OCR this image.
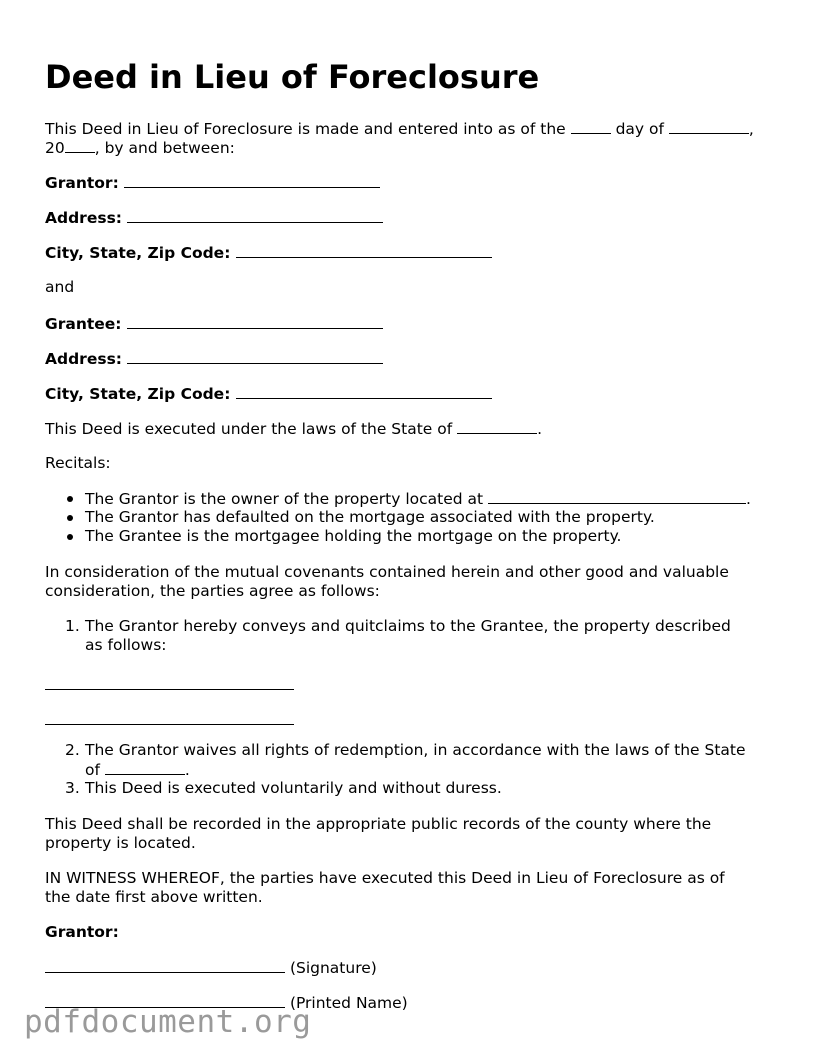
Deed in Lieu of Foreclosure
This Deed in Lieu of Foreclosure is made and entered into as of the	day of	,
20 , by and between:
Grantor:
Address:
City, State, Zip Code:
and
Grantee:
Address:
City, State, Zip Code:
This Deed is executed under the laws of the State of	.
Recitals:
The Grantor is the owner of the property located at	.
The Grantor has defaulted on the mortgage associated with the property.
The Grantee is the mortgagee holding the mortgage on the property.
In consideration of the mutual covenants contained herein and other good and valuable
consideration, the parties agree as follows:
1. The Grantor hereby conveys and quitclaims to the Grantee, the property described
as follows:
2. The Grantor waives all rights of redemption, in accordance with the laws of the State
of	.
3. This Deed is executed voluntarily and without duress.
This Deed shall be recorded in the appropriate public records of the county where the
property is located.
IN WITNESS WHEREOF, the parties have executed this Deed in Lieu of Foreclosure as of
the date first above written.
Grantor:
(Signature)
(Printed Name)
pdfdocument.org
